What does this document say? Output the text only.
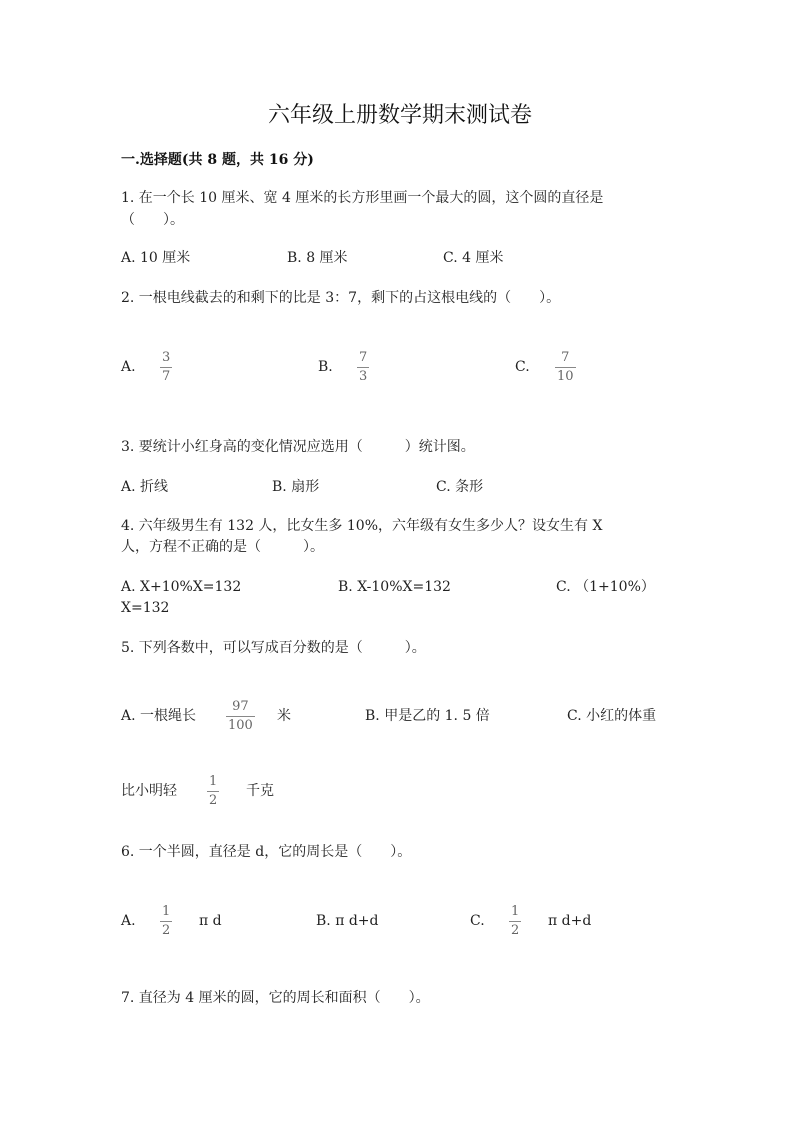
六年级上册数学期末测试卷
一.选择题(共 8 题，共 16 分)
1. 在一个长 10 厘米、宽 4 厘米的长方形里画一个最大的圆，这个圆的直径是
（　　）。
A. 10 厘米	B. 8 厘米	C. 4 厘米
2. 一根电线截去的和剩下的比是 3：7，剩下的占这根电线的（　　）。
A.
3
7
B.
7
3
C.
7
10
3. 要统计小红身高的变化情况应选用（　　　）统计图。
A. 折线	B. 扇形	C. 条形
4. 六年级男生有 132 人，比女生多 10%，六年级有女生多少人？设女生有 X
人，方程不正确的是（　　　）。
A. X+10%X=132	B. X-10%X=132	C. （1+10%）
X=132
5. 下列各数中，可以写成百分数的是（　　　）。
A. 一根绳长
97
100
米	B. 甲是乙的 1. 5 倍	C. 小红的体重
比小明轻
1
2
千克
6. 一个半圆，直径是 d，它的周长是（　　）。
A.
1
2
π d	B. π d+d	C.
1
2
π d+d
7. 直径为 4 厘米的圆，它的周长和面积（　　）。
